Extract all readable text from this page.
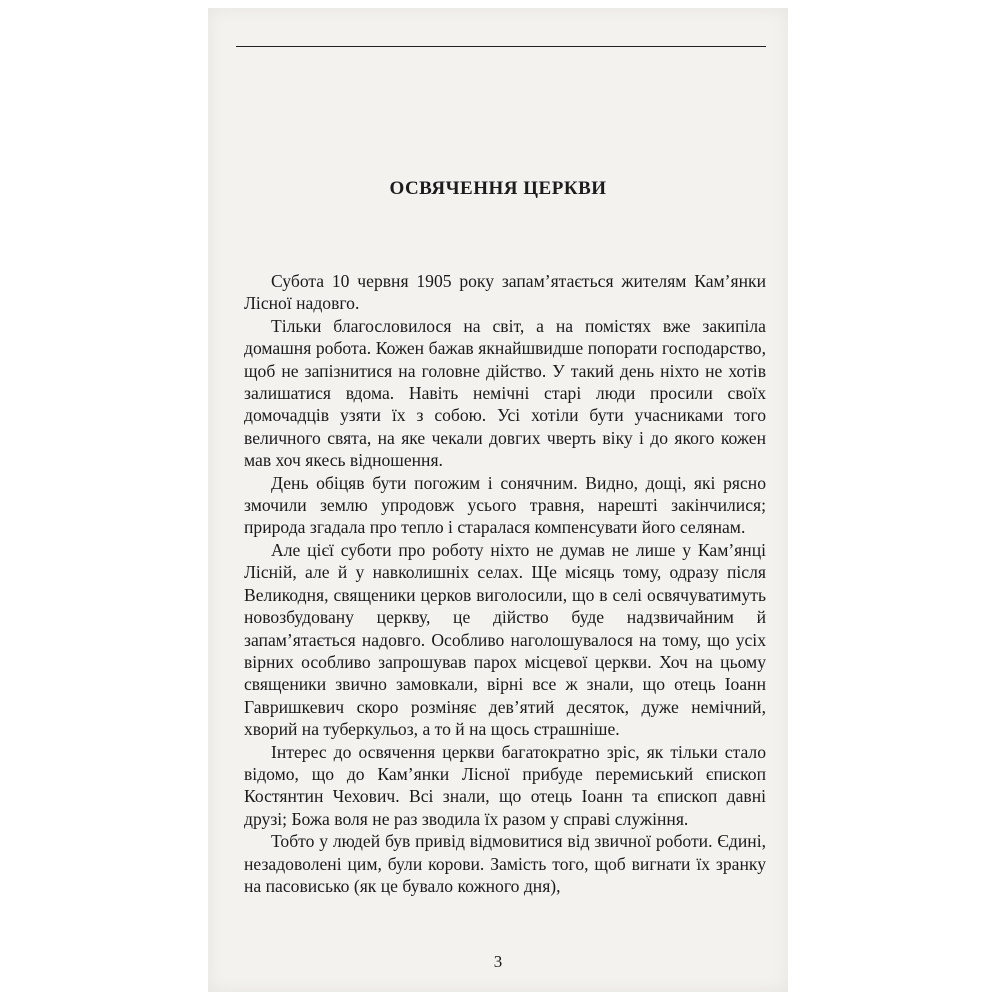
ОСВЯЧЕННЯ ЦЕРКВИ

Субота 10 червня 1905 року запам’ятається жителям Кам’янки Лісної надовго.

Тільки благословилося на світ, а на помістях вже закипіла домашня робота. Кожен бажав якнайшвидше попорати господарство, щоб не запізнитися на головне дійство. У такий день ніхто не хотів залишатися вдома. Навіть немічні старі люди просили своїх домочадців узяти їх з собою. Усі хотіли бути учасниками того величного свята, на яке чекали довгих чверть віку і до якого кожен мав хоч якесь відношення.

День обіцяв бути погожим і сонячним. Видно, дощі, які рясно змочили землю упродовж усього травня, нарешті закінчилися; природа згадала про тепло і старалася компенсувати його селянам.

Але цієї суботи про роботу ніхто не думав не лише у Кам’янці Лісній, але й у навколишніх селах. Ще місяць тому, одразу після Великодня, священики церков виголосили, що в селі освячуватимуть новозбудовану церкву, це дійство буде надзвичайним й запам’ятається надовго. Особливо наголошувалося на тому, що усіх вірних особливо запрошував парох місцевої церкви. Хоч на цьому священики звично замовкали, вірні все ж знали, що отець Іоанн Гавришкевич скоро розміняє дев’ятий десяток, дуже немічний, хворий на туберкульоз, а то й на щось страшніше.

Інтерес до освячення церкви багатократно зріс, як тільки стало відомо, що до Кам’янки Лісної прибуде перемиський єпископ Костянтин Чехович. Всі знали, що отець Іоанн та єпископ давні друзі; Божа воля не раз зводила їх разом у справі служіння.

Тобто у людей був привід відмовитися від звичної роботи. Єдині, незадоволені цим, були корови. Замість того, щоб вигнати їх зранку на пасовисько (як це бувало кожного дня),

3
